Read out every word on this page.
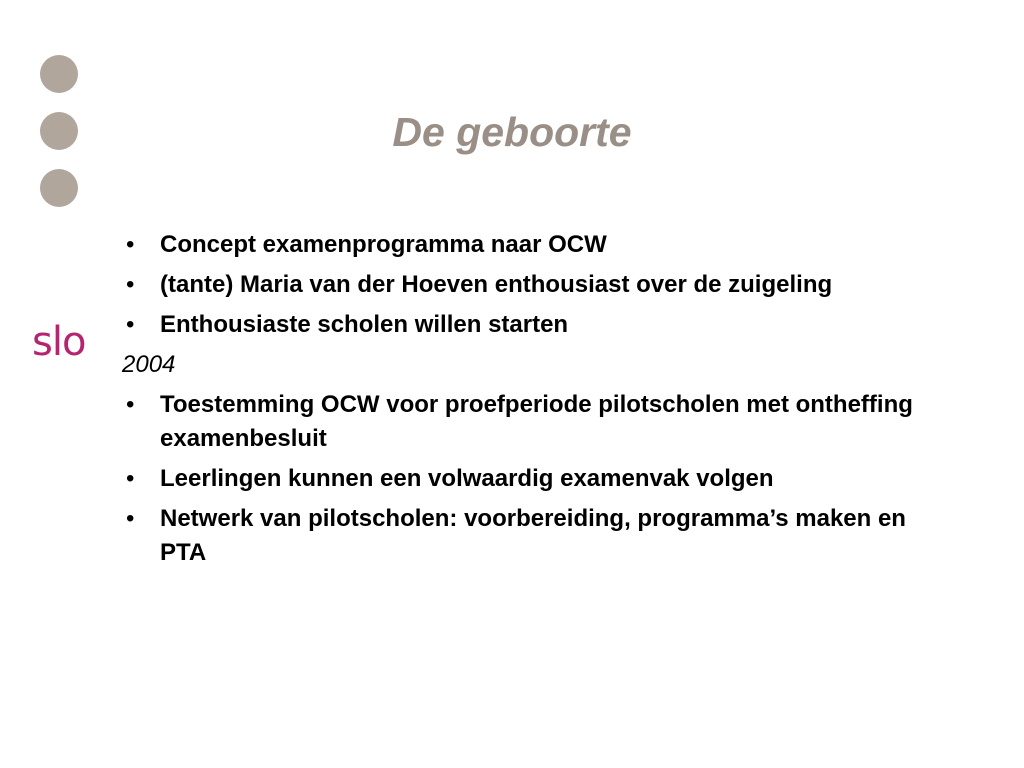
slo
De geboorte
• Concept examenprogramma naar OCW
• (tante) Maria van der Hoeven enthousiast over de zuigeling
• Enthousiaste scholen willen starten
2004
• Toestemming OCW voor proefperiode pilotscholen met ontheffing examenbesluit
• Leerlingen kunnen een volwaardig examenvak volgen
• Netwerk van pilotscholen: voorbereiding, programma’s maken en PTA
